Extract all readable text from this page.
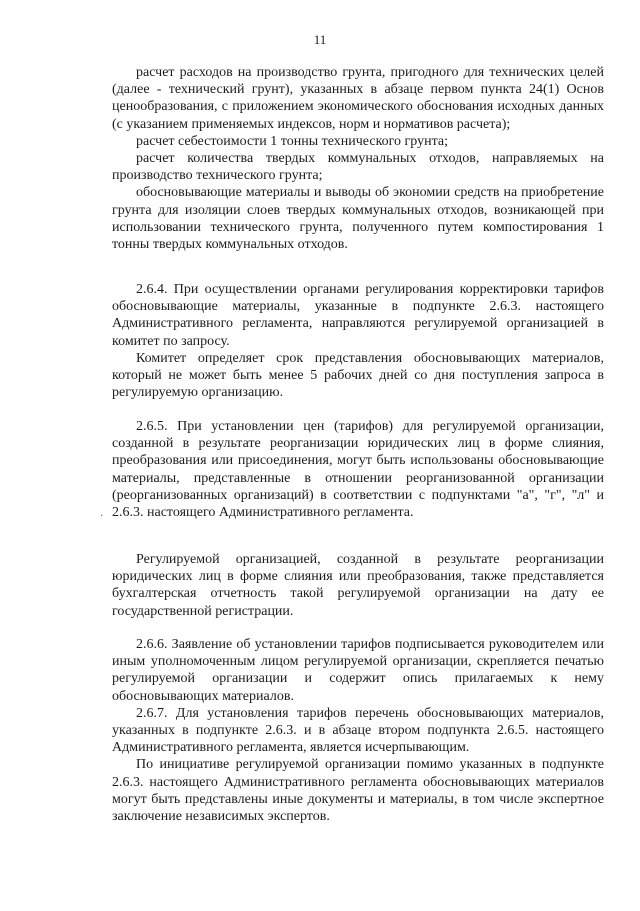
11

расчет расходов на производство грунта, пригодного для технических целей (далее - технический грунт), указанных в абзаце первом пункта 24(1) Основ ценообразования, с приложением экономического обоснования исходных данных (с указанием применяемых индексов, норм и нормативов расчета);

расчет себестоимости 1 тонны технического грунта;

расчет количества твердых коммунальных отходов, направляемых на производство технического грунта;

обосновывающие материалы и выводы об экономии средств на приобретение грунта для изоляции слоев твердых коммунальных отходов, возникающей при использовании технического грунта, полученного путем компостирования 1 тонны твердых коммунальных отходов.

2.6.4. При осуществлении органами регулирования корректировки тарифов обосновывающие материалы, указанные в подпункте 2.6.3. настоящего Административного регламента, направляются регулируемой организацией в комитет по запросу.

Комитет определяет срок представления обосновывающих материалов, который не может быть менее 5 рабочих дней со дня поступления запроса в регулируемую организацию.

2.6.5. При установлении цен (тарифов) для регулируемой организации, созданной в результате реорганизации юридических лиц в форме слияния, преобразования или присоединения, могут быть использованы обосновывающие материалы, представленные в отношении реорганизованной организации (реорганизованных организаций) в соответствии с подпунктами "а", "г", "л" и 2.6.3. настоящего Административного регламента.

·

Регулируемой организацией, созданной в результате реорганизации юридических лиц в форме слияния или преобразования, также представляется бухгалтерская отчетность такой регулируемой организации на дату ее государственной регистрации.

2.6.6. Заявление об установлении тарифов подписывается руководителем или иным уполномоченным лицом регулируемой организации, скрепляется печатью регулируемой организации и содержит опись прилагаемых к нему обосновывающих материалов.

2.6.7. Для установления тарифов перечень обосновывающих материалов, указанных в подпункте 2.6.3. и в абзаце втором подпункта 2.6.5. настоящего Административного регламента, является исчерпывающим.

По инициативе регулируемой организации помимо указанных в подпункте 2.6.3. настоящего Административного регламента обосновывающих материалов могут быть представлены иные документы и материалы, в том числе экспертное заключение независимых экспертов.
